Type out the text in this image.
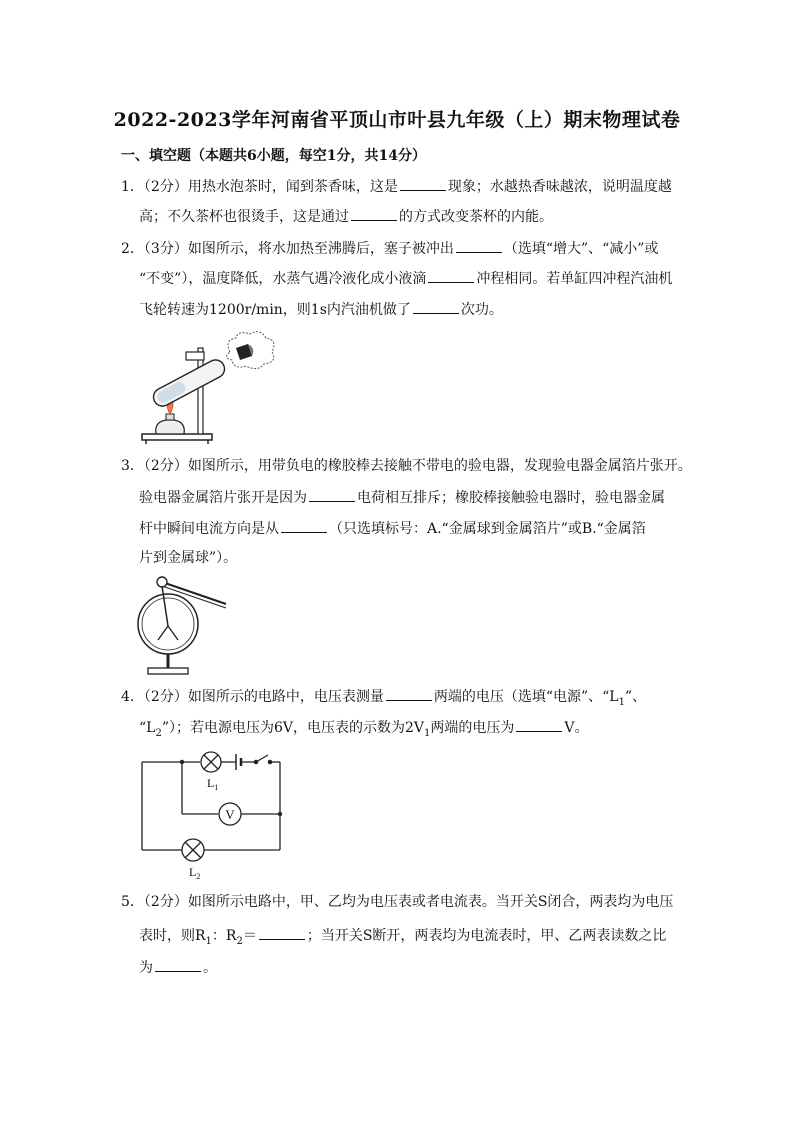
2022-2023学年河南省平顶山市叶县九年级（上）期末物理试卷
一、填空题（本题共6小题，每空1分，共14分）
1．（2分）用热水泡茶时，闻到茶香味，这是	现象；水越热香味越浓，说明温度越
高；不久茶杯也很烫手，这是通过	的方式改变茶杯的内能。
2．（3分）如图所示，将水加热至沸腾后，塞子被冲出	（选填“增大”、“减小”或
“不变”），温度降低，水蒸气遇冷液化成小液滴	冲程相同。若单缸四冲程汽油机
飞轮转速为1200r/min，则1s内汽油机做了	次功。
3．（2分）如图所示，用带负电的橡胶棒去接触不带电的验电器，发现验电器金属箔片张开。
验电器金属箔片张开是因为	电荷相互排斥；橡胶棒接触验电器时，验电器金属
杆中瞬间电流方向是从	（只选填标号：A.“金属球到金属箔片”或B.“金属箔
片到金属球”）。
4．（2分）如图所示的电路中，电压表测量	两端的电压（选填“电源”、“$L_1$”、
“$L_2$”）；若电源电压为6V，电压表的示数为$2V_1$两端的电压为	V。
V
$L_1$
$L_2$
5．（2分）如图所示电路中，甲、乙均为电压表或者电流表。当开关S闭合，两表均为电压
表时，则$R_1$：$R_2=$	；当开关S断开，两表均为电流表时，甲、乙两表读数之比
为	。
